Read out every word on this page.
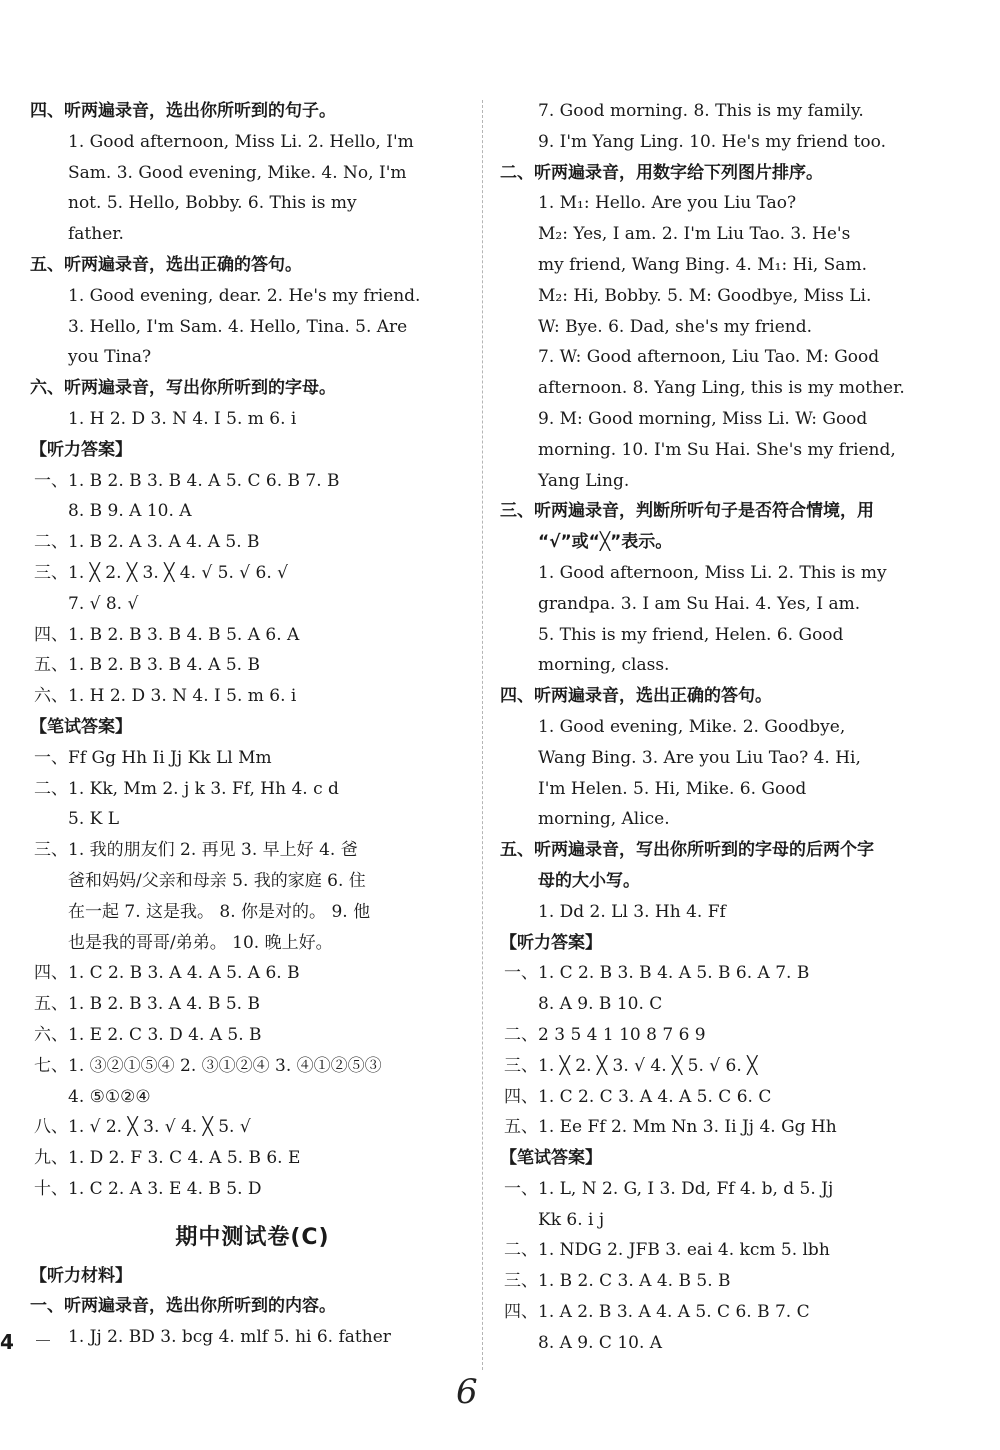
四、听两遍录音，选出你所听到的句子。
1. Good afternoon, Miss Li. 2. Hello, I'm
Sam. 3. Good evening, Mike. 4. No, I'm
not. 5. Hello, Bobby. 6. This is my
father.
五、听两遍录音，选出正确的答句。
1. Good evening, dear. 2. He's my friend.
3. Hello, I'm Sam. 4. Hello, Tina. 5. Are
you Tina?
六、听两遍录音，写出你所听到的字母。
1. H 2. D 3. N 4. I 5. m 6. i
【听力答案】
一、1. B 2. B 3. B 4. A 5. C 6. B 7. B
8. B 9. A 10. A
二、1. B 2. A 3. A 4. A 5. B
三、1. ╳ 2. ╳ 3. ╳ 4. √ 5. √ 6. √
7. √ 8. √
四、1. B 2. B 3. B 4. B 5. A 6. A
五、1. B 2. B 3. B 4. A 5. B
六、1. H 2. D 3. N 4. I 5. m 6. i
【笔试答案】
一、Ff Gg Hh Ii Jj Kk Ll Mm
二、1. Kk, Mm 2. j k 3. Ff, Hh 4. c d
5. K L
三、1. 我的朋友们 2. 再见 3. 早上好 4. 爸
爸和妈妈/父亲和母亲 5. 我的家庭 6. 住
在一起 7. 这是我。 8. 你是对的。 9. 他
也是我的哥哥/弟弟。 10. 晚上好。
四、1. C 2. B 3. A 4. A 5. A 6. B
五、1. B 2. B 3. A 4. B 5. B
六、1. E 2. C 3. D 4. A 5. B
七、1. ③②①⑤④ 2. ③①②④ 3. ④①②⑤③
4. ⑤①②④
八、1. √ 2. ╳ 3. √ 4. ╳ 5. √
九、1. D 2. F 3. C 4. A 5. B 6. E
十、1. C 2. A 3. E 4. B 5. D
期中测试卷(C)
【听力材料】
一、听两遍录音，选出你所听到的内容。
1. Jj 2. BD 3. bcg 4. mlf 5. hi 6. father
7. Good morning. 8. This is my family.
9. I'm Yang Ling. 10. He's my friend too.
二、听两遍录音，用数字给下列图片排序。
1. M₁: Hello. Are you Liu Tao?
M₂: Yes, I am. 2. I'm Liu Tao. 3. He's
my friend, Wang Bing. 4. M₁: Hi, Sam.
M₂: Hi, Bobby. 5. M: Goodbye, Miss Li.
W: Bye. 6. Dad, she's my friend.
7. W: Good afternoon, Liu Tao. M: Good
afternoon. 8. Yang Ling, this is my mother.
9. M: Good morning, Miss Li. W: Good
morning. 10. I'm Su Hai. She's my friend,
Yang Ling.
三、听两遍录音，判断所听句子是否符合情境，用
“√”或“╳”表示。
1. Good afternoon, Miss Li. 2. This is my
grandpa. 3. I am Su Hai. 4. Yes, I am.
5. This is my friend, Helen. 6. Good
morning, class.
四、听两遍录音，选出正确的答句。
1. Good evening, Mike. 2. Goodbye,
Wang Bing. 3. Are you Liu Tao? 4. Hi,
I'm Helen. 5. Hi, Mike. 6. Good
morning, Alice.
五、听两遍录音，写出你所听到的字母的后两个字
母的大小写。
1. Dd 2. Ll 3. Hh 4. Ff
【听力答案】
一、1. C 2. B 3. B 4. A 5. B 6. A 7. B
8. A 9. B 10. C
二、2 3 5 4 1 10 8 7 6 9
三、1. ╳ 2. ╳ 3. √ 4. ╳ 5. √ 6. ╳
四、1. C 2. C 3. A 4. A 5. C 6. C
五、1. Ee Ff 2. Mm Nn 3. Ii Jj 4. Gg Hh
【笔试答案】
一、1. L, N 2. G, I 3. Dd, Ff 4. b, d 5. Jj
Kk 6. i j
二、1. NDG 2. JFB 3. eai 4. kcm 5. lbh
三、1. B 2. C 3. A 4. B 5. B
四、1. A 2. B 3. A 4. A 5. C 6. B 7. C
8. A 9. C 10. A
4
6
